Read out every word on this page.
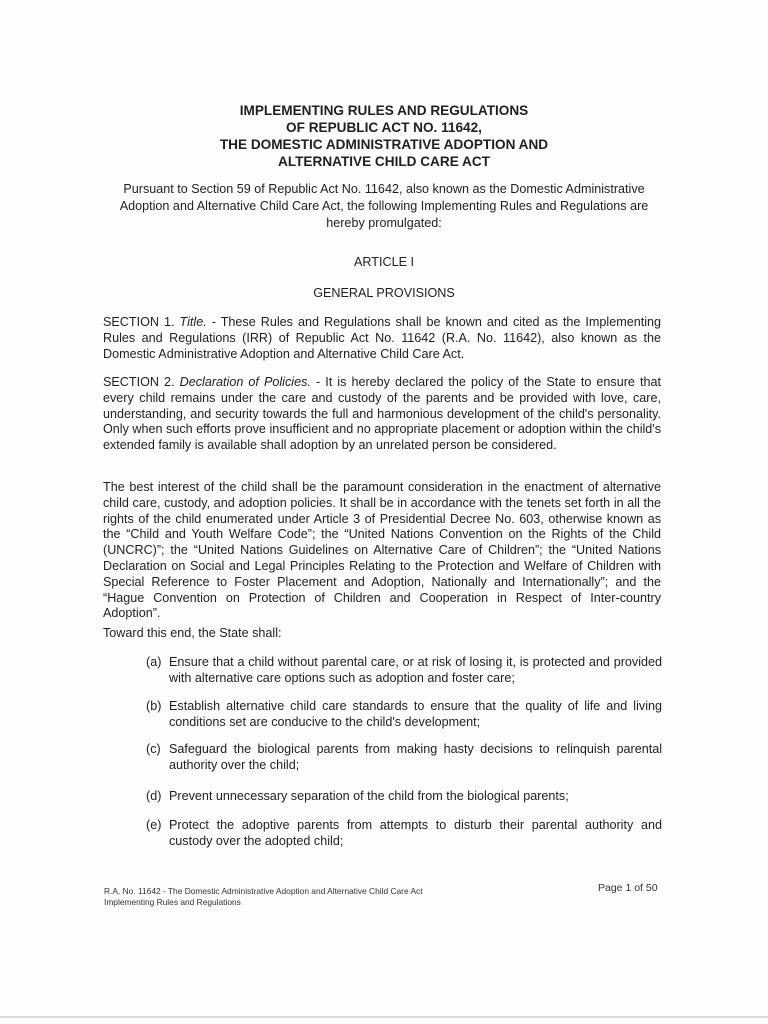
IMPLEMENTING RULES AND REGULATIONS
OF REPUBLIC ACT NO. 11642,
THE DOMESTIC ADMINISTRATIVE ADOPTION AND
ALTERNATIVE CHILD CARE ACT
Pursuant to Section 59 of Republic Act No. 11642, also known as the Domestic Administrative Adoption and Alternative Child Care Act, the following Implementing Rules and Regulations are hereby promulgated:
ARTICLE I
GENERAL PROVISIONS
SECTION 1. Title. - These Rules and Regulations shall be known and cited as the Implementing Rules and Regulations (IRR) of Republic Act No. 11642 (R.A. No. 11642), also known as the Domestic Administrative Adoption and Alternative Child Care Act.
SECTION 2. Declaration of Policies. - It is hereby declared the policy of the State to ensure that every child remains under the care and custody of the parents and be provided with love, care, understanding, and security towards the full and harmonious development of the child's personality. Only when such efforts prove insufficient and no appropriate placement or adoption within the child's extended family is available shall adoption by an unrelated person be considered.
The best interest of the child shall be the paramount consideration in the enactment of alternative child care, custody, and adoption policies. It shall be in accordance with the tenets set forth in all the rights of the child enumerated under Article 3 of Presidential Decree No. 603, otherwise known as the “Child and Youth Welfare Code”; the “United Nations Convention on the Rights of the Child (UNCRC)”; the “United Nations Guidelines on Alternative Care of Children”; the “United Nations Declaration on Social and Legal Principles Relating to the Protection and Welfare of Children with Special Reference to Foster Placement and Adoption, Nationally and Internationally”; and the “Hague Convention on Protection of Children and Cooperation in Respect of Inter-country Adoption”.
Toward this end, the State shall:
(a) Ensure that a child without parental care, or at risk of losing it, is protected and provided with alternative care options such as adoption and foster care;
(b) Establish alternative child care standards to ensure that the quality of life and living conditions set are conducive to the child's development;
(c) Safeguard the biological parents from making hasty decisions to relinquish parental authority over the child;
(d) Prevent unnecessary separation of the child from the biological parents;
(e) Protect the adoptive parents from attempts to disturb their parental authority and custody over the adopted child;
R.A. No. 11642 - The Domestic Administrative Adoption and Alternative Child Care Act
Implementing Rules and Regulations
Page 1 of 50
